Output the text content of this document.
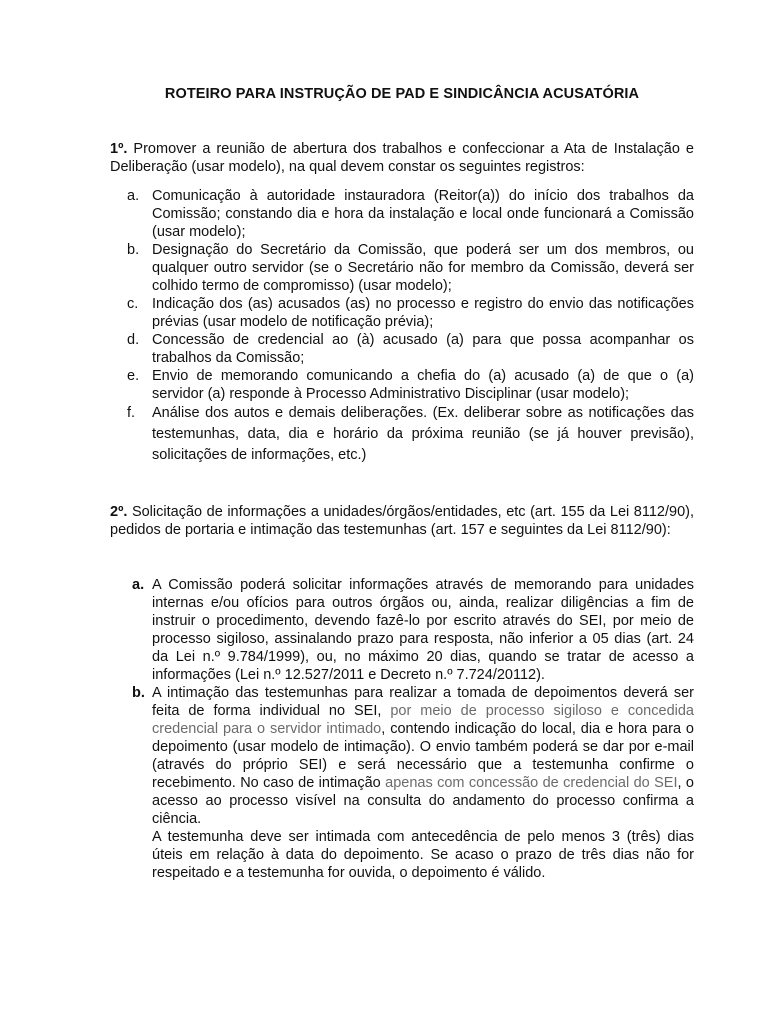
ROTEIRO PARA INSTRUÇÃO DE PAD E SINDICÂNCIA ACUSATÓRIA
1º. Promover a reunião de abertura dos trabalhos e confeccionar a Ata de Instalação e Deliberação (usar modelo), na qual devem constar os seguintes registros:
a. Comunicação à autoridade instauradora (Reitor(a)) do início dos trabalhos da Comissão; constando dia e hora da instalação e local onde funcionará a Comissão (usar modelo);
b. Designação do Secretário da Comissão, que poderá ser um dos membros, ou qualquer outro servidor (se o Secretário não for membro da Comissão, deverá ser colhido termo de compromisso) (usar modelo);
c. Indicação dos (as) acusados (as) no processo e registro do envio das notificações prévias (usar modelo de notificação prévia);
d. Concessão de credencial ao (à) acusado (a) para que possa acompanhar os trabalhos da Comissão;
e. Envio de memorando comunicando a chefia do (a) acusado (a) de que o (a) servidor (a) responde à Processo Administrativo Disciplinar (usar modelo);
f. Análise dos autos e demais deliberações. (Ex. deliberar sobre as notificações das testemunhas, data, dia e horário da próxima reunião (se já houver previsão), solicitações de informações, etc.)
2º. Solicitação de informações a unidades/órgãos/entidades, etc (art. 155 da Lei 8112/90), pedidos de portaria e intimação das testemunhas (art. 157 e seguintes da Lei 8112/90):
a. A Comissão poderá solicitar informações através de memorando para unidades internas e/ou ofícios para outros órgãos ou, ainda, realizar diligências a fim de instruir o procedimento, devendo fazê-lo por escrito através do SEI, por meio de processo sigiloso, assinalando prazo para resposta, não inferior a 05 dias (art. 24 da Lei n.º 9.784/1999), ou, no máximo 20 dias, quando se tratar de acesso a informações (Lei n.º 12.527/2011 e Decreto n.º 7.724/20112).
b. A intimação das testemunhas para realizar a tomada de depoimentos deverá ser feita de forma individual no SEI, por meio de processo sigiloso e concedida credencial para o servidor intimado, contendo indicação do local, dia e hora para o depoimento (usar modelo de intimação). O envio também poderá se dar por e-mail (através do próprio SEI) e será necessário que a testemunha confirme o recebimento. No caso de intimação apenas com concessão de credencial do SEI, o acesso ao processo visível na consulta do andamento do processo confirma a ciência.
A testemunha deve ser intimada com antecedência de pelo menos 3 (três) dias úteis em relação à data do depoimento. Se acaso o prazo de três dias não for respeitado e a testemunha for ouvida, o depoimento é válido.
